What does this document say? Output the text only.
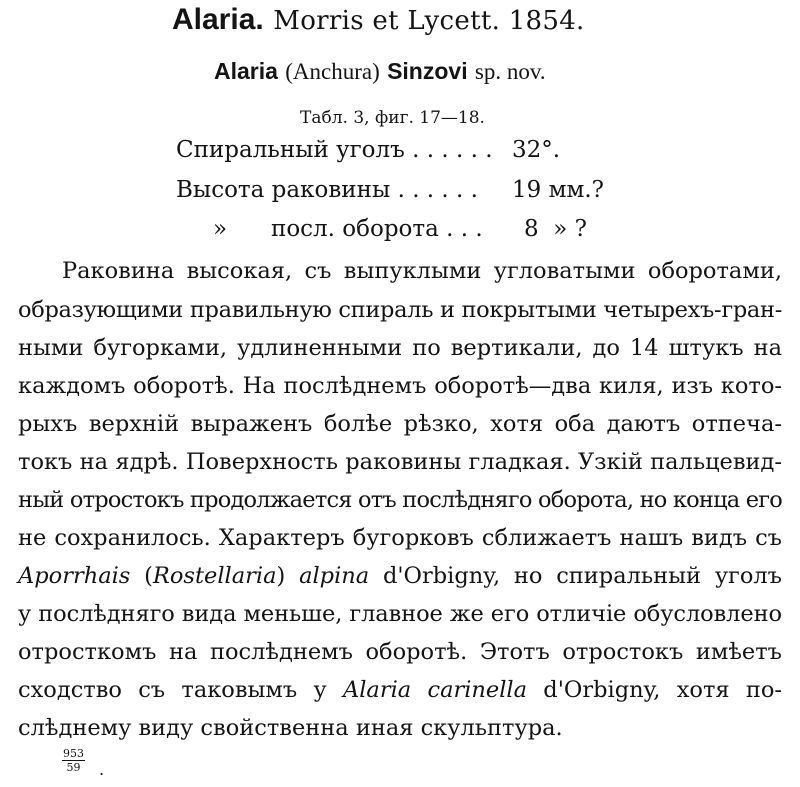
Alaria. Morris et Lycett. 1854.
Alaria (Anchura) Sinzovi sp. nov.
Табл. 3, фиг. 17—18.
Спиральный уголъ . . . . . . 32°.
Высота раковины . . . . . . 19 мм.?
» посл. оборота . . . 8  » ?
Раковина высокая, съ выпуклыми угловатыми оборотами,
образующими правильную спираль и покрытыми четырехъ-гран-
ными бугорками, удлиненными по вертикали, до 14 штукъ на
каждомъ оборотѣ. На послѣднемъ оборотѣ—два киля, изъ кото-
рыхъ верхнiй выраженъ болѣе рѣзко, хотя оба даютъ отпеча-
токъ на ядрѣ. Поверхность раковины гладкая. Узкiй пальцевид-
ный отростокъ продолжается отъ послѣдняго оборота, но конца его
не сохранилось. Характеръ бугорковъ сближаетъ нашъ видъ съ
Aporrhais (Rostellaria) alpina d'Orbigny, но спиральный уголъ
у послѣдняго вида меньше, главное же его отличiе обусловлено
отросткомъ на послѣднемъ оборотѣ. Этотъ отростокъ имѣетъ
сходство съ таковымъ у Alaria carinella d'Orbigny, хотя по-
слѣднему виду свойственна иная скульптура.
$\frac{953}{59}$ .
